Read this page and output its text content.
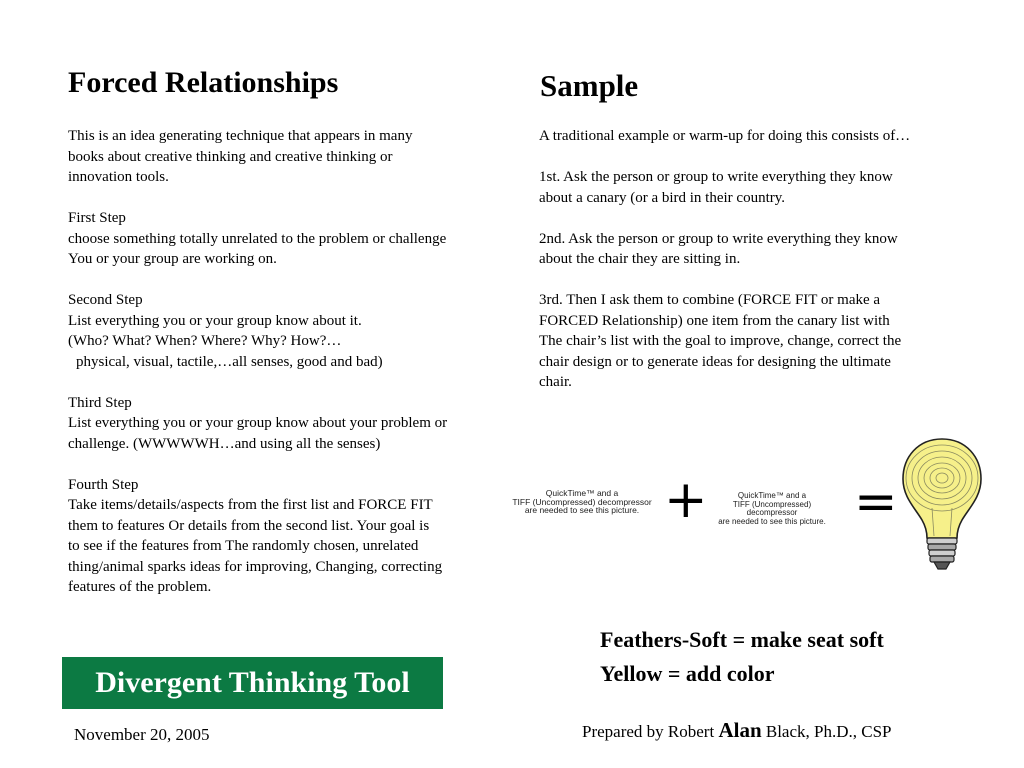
Forced Relationships	Sample
This is an idea generating technique that appears in many
books about creative thinking and creative thinking or
innovation tools.
First Step
choose something totally unrelated to the problem or challenge
You or your group are working on.
Second Step
List everything you or your group know about it.
(Who? What? When? Where? Why? How?…
physical, visual, tactile,…all senses, good and bad)
Third Step
List everything you or your group know about your problem or
challenge. (WWWWWH…and using all the senses)
Fourth Step
Take items/details/aspects from the first list and FORCE FIT
them to features Or details from the second list. Your goal is
to see if the features from The randomly chosen, unrelated
thing/animal sparks ideas for improving, Changing, correcting
features of the problem.
A traditional example or warm-up for doing this consists of…
1st. Ask the person or group to write everything they know
about a canary (or a bird in their country.
2nd. Ask the person or group to write everything they know
about the chair they are sitting in.
3rd. Then I ask them to combine (FORCE FIT or make a
FORCED Relationship) one item from the canary list with
The chair’s list with the goal to improve, change, correct the
chair design or to generate ideas for designing the ultimate
chair.
QuickTime™ and a
TIFF (Uncompressed) decompressor
are needed to see this picture. +	QuickTime™ and a
TIFF (Uncompressed) decompressor
are needed to see this picture. =
Feathers-Soft = make seat soft
Yellow = add color
Divergent Thinking Tool
November 20, 2005	Prepared by Robert Alan Black, Ph.D., CSP
